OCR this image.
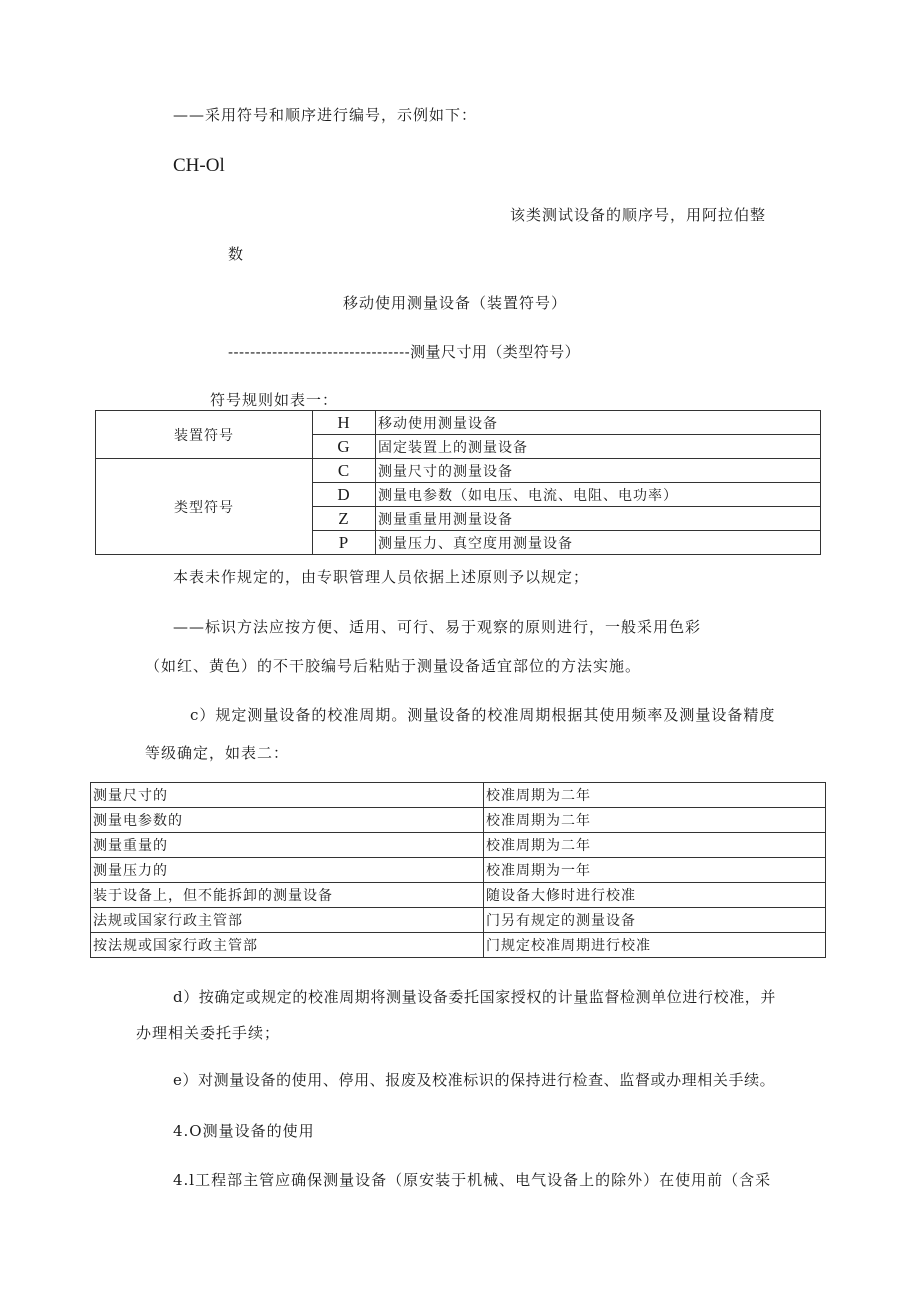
——采用符号和顺序进行编号，示例如下：
CH-Ol
该类测试设备的顺序号，用阿拉伯整
数
移动使用测量设备（装置符号）
---------------------------------测量尺寸用（类型符号）
符号规则如表一：
装置符号	H	移动使用测量设备
	G	固定装置上的测量设备
类型符号	C	测量尺寸的测量设备
	D	测量电参数（如电压、电流、电阻、电功率）
	Z	测量重量用测量设备
	P	测量压力、真空度用测量设备
本表未作规定的，由专职管理人员依据上述原则予以规定；
——标识方法应按方便、适用、可行、易于观察的原则进行，一般采用色彩
（如红、黄色）的不干胶编号后粘贴于测量设备适宜部位的方法实施。
c）规定测量设备的校准周期。测量设备的校准周期根据其使用频率及测量设备精度
等级确定，如表二：
测量尺寸的	校准周期为二年
测量电参数的	校准周期为二年
测量重量的	校准周期为二年
测量压力的	校准周期为一年
装于设备上，但不能拆卸的测量设备	随设备大修时进行校准
法规或国家行政主管部	门另有规定的测量设备
按法规或国家行政主管部	门规定校准周期进行校准
d）按确定或规定的校准周期将测量设备委托国家授权的计量监督检测单位进行校准，并
办理相关委托手续；
e）对测量设备的使用、停用、报废及校准标识的保持进行检查、监督或办理相关手续。
4.O测量设备的使用
4.l工程部主管应确保测量设备（原安装于机械、电气设备上的除外）在使用前（含采
